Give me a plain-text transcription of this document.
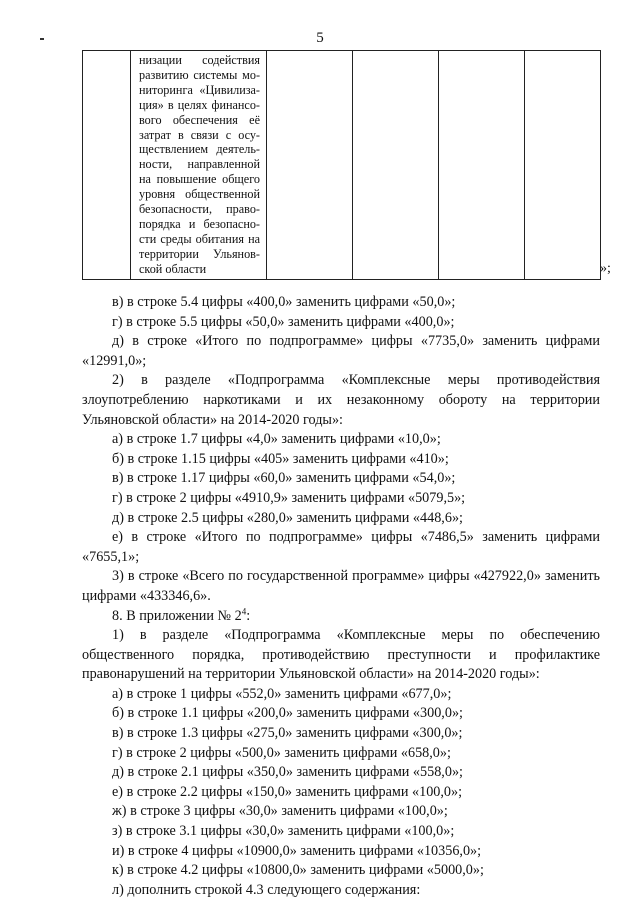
5

низации содействия
развитию системы мо-
ниторинга «Цивилиза-
ция» в целях финансо-
вого обеспечения её
затрат в связи с осу-
ществлением деятель-
ности, направленной
на повышение общего
уровня общественной
безопасности, право-
порядка и безопасно-
сти среды обитания на
территории Ульянов-
ской области
					»;

в) в строке 5.4 цифры «400,0» заменить цифрами «50,0»;

г) в строке 5.5 цифры «50,0» заменить цифрами «400,0»;

д) в строке «Итого по подпрограмме» цифры «7735,0» заменить цифрами «12991,0»;

2) в разделе «Подпрограмма «Комплексные меры противодействия злоупотреблению наркотиками и их незаконному обороту на территории Ульяновской области» на 2014-2020 годы»:

а) в строке 1.7 цифры «4,0» заменить цифрами «10,0»;

б) в строке 1.15 цифры «405» заменить цифрами «410»;

в) в строке 1.17 цифры «60,0» заменить цифрами «54,0»;

г) в строке 2 цифры «4910,9» заменить цифрами «5079,5»;

д) в строке 2.5 цифры «280,0» заменить цифрами «448,6»;

е) в строке «Итого по подпрограмме» цифры «7486,5» заменить цифрами «7655,1»;

3) в строке «Всего по государственной программе» цифры «427922,0» заменить цифрами «433346,6».

8. В приложении № $2^4$:

1) в разделе «Подпрограмма «Комплексные меры по обеспечению общественного порядка, противодействию преступности и профилактике правонарушений на территории Ульяновской области» на 2014-2020 годы»:

а) в строке 1 цифры «552,0» заменить цифрами «677,0»;

б) в строке 1.1 цифры «200,0» заменить цифрами «300,0»;

в) в строке 1.3 цифры «275,0» заменить цифрами «300,0»;

г) в строке 2 цифры «500,0» заменить цифрами «658,0»;

д) в строке 2.1 цифры «350,0» заменить цифрами «558,0»;

е) в строке 2.2 цифры «150,0» заменить цифрами «100,0»;

ж) в строке 3 цифры «30,0» заменить цифрами «100,0»;

з) в строке 3.1 цифры «30,0» заменить цифрами «100,0»;

и) в строке 4 цифры «10900,0» заменить цифрами «10356,0»;

к) в строке 4.2 цифры «10800,0» заменить цифрами «5000,0»;

л) дополнить строкой 4.3 следующего содержания:
